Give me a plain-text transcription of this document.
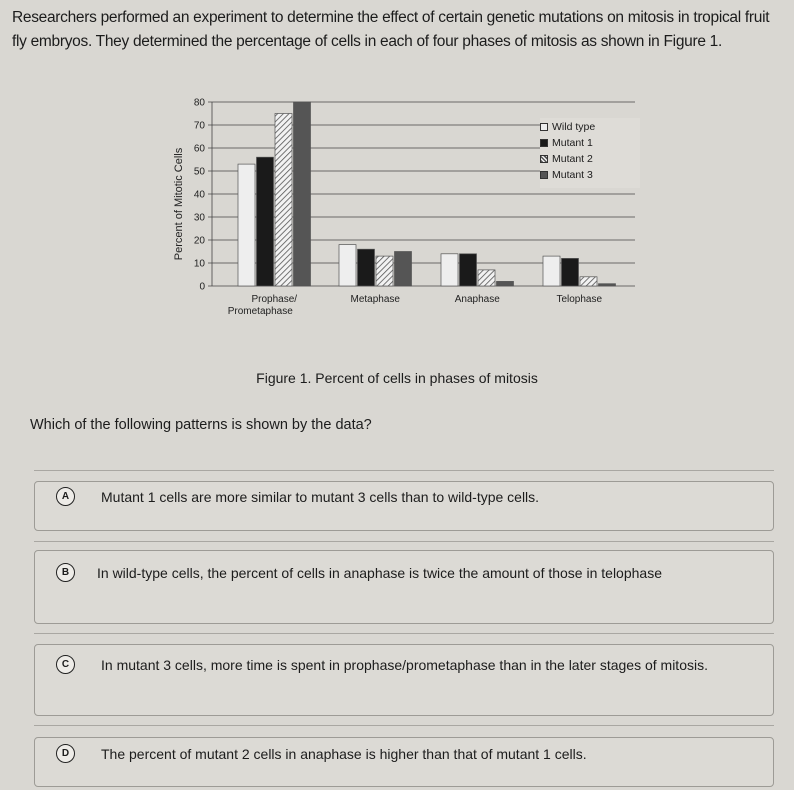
Researchers performed an experiment to determine the effect of certain genetic mutations on mitosis in tropical fruit fly embryos. They determined the percentage of cells in each of four phases of mitosis as shown in Figure 1.
0
10
20
30
40
50
60
70
80
Prophase/ Prometaphase
Metaphase	Anaphase	Telophase
Percent of Mitotic Cells
Wild type
Mutant 1
Mutant 2
Mutant 3
Figure 1. Percent of cells in phases of mitosis
Which of the following patterns is shown by the data?
A	Mutant 1 cells are more similar to mutant 3 cells than to wild-type cells.
B	In wild-type cells, the percent of cells in anaphase is twice the amount of those in telophase
C	In mutant 3 cells, more time is spent in prophase/prometaphase than in the later stages of mitosis.
D	The percent of mutant 2 cells in anaphase is higher than that of mutant 1 cells.
